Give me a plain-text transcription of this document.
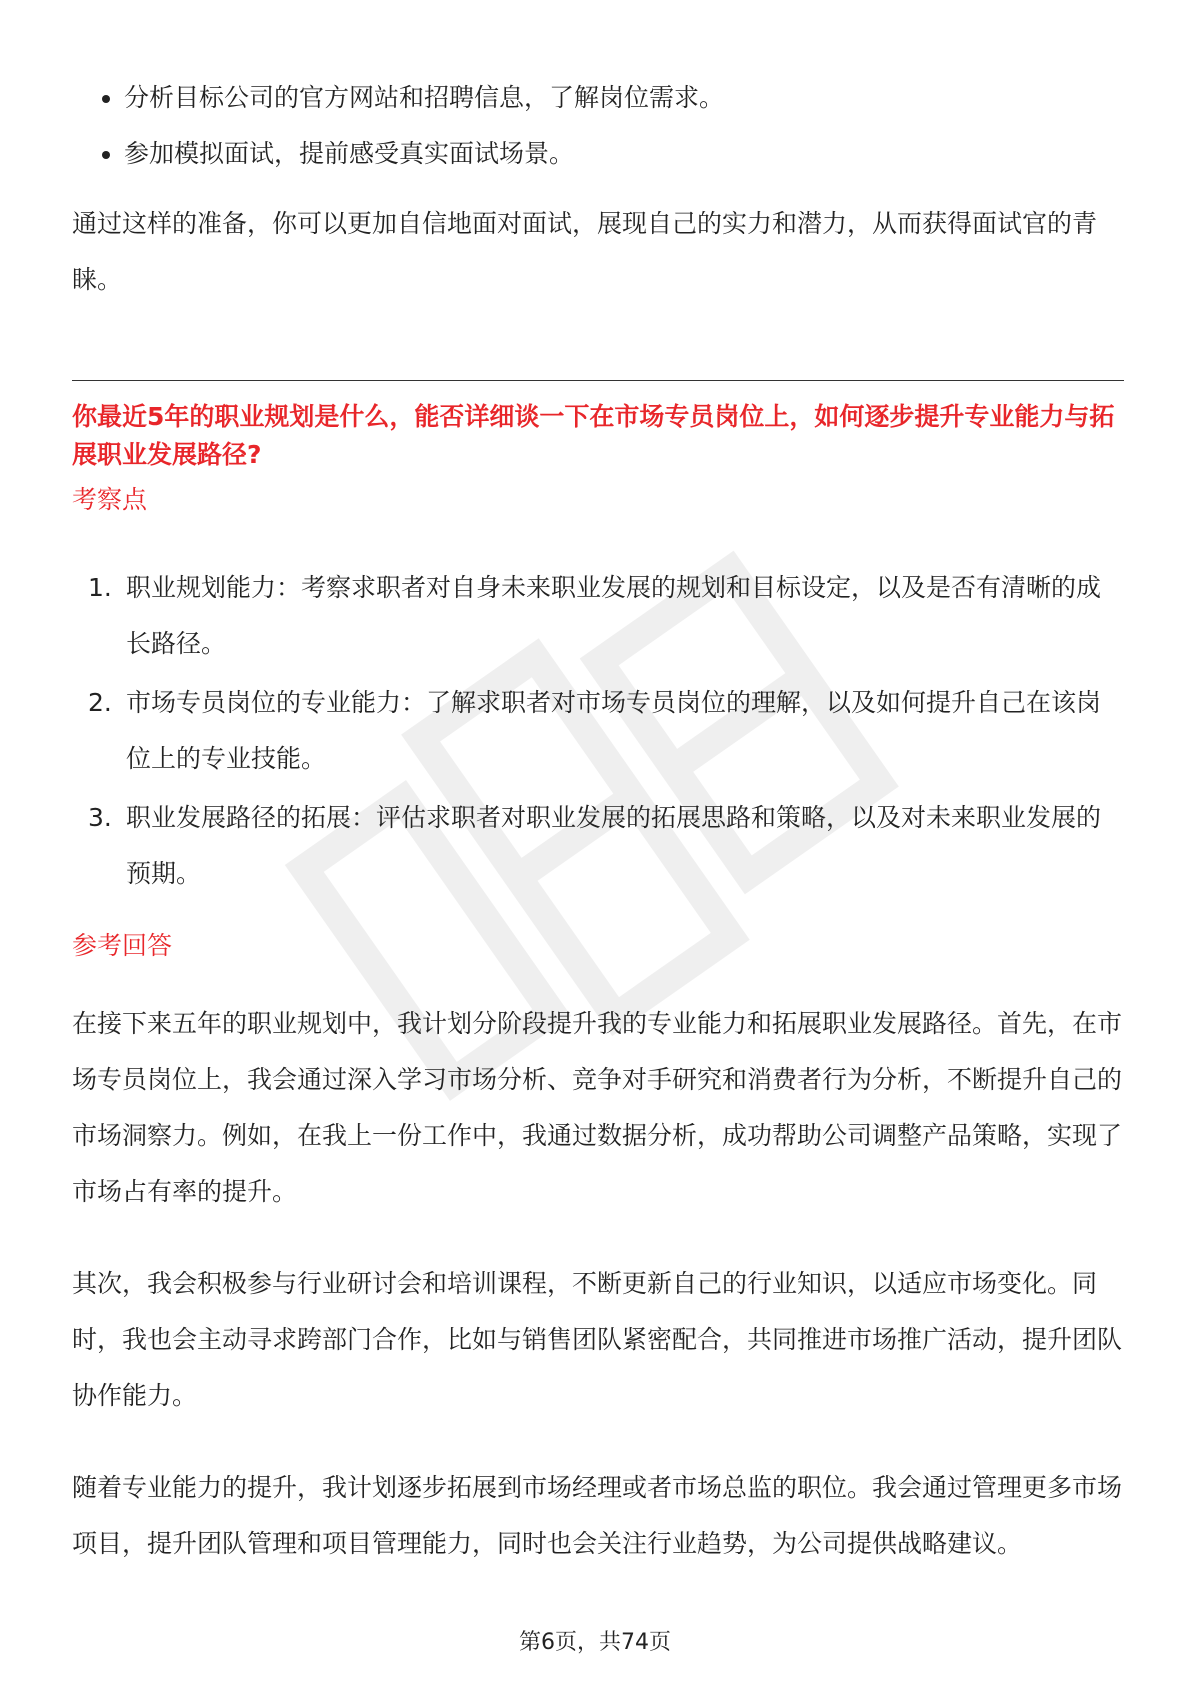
分析目标公司的官方网站和招聘信息，了解岗位需求。
参加模拟面试，提前感受真实面试场景。

通过这样的准备，你可以更加自信地面对面试，展现自己的实力和潜力，从而获得面试官的青睐。

你最近5年的职业规划是什么，能否详细谈一下在市场专员岗位上，如何逐步提升专业能力与拓展职业发展路径?

考察点

1. 职业规划能力：考察求职者对自身未来职业发展的规划和目标设定，以及是否有清晰的成长路径。
2. 市场专员岗位的专业能力：了解求职者对市场专员岗位的理解，以及如何提升自己在该岗位上的专业技能。
3. 职业发展路径的拓展：评估求职者对职业发展的拓展思路和策略，以及对未来职业发展的预期。

参考回答

在接下来五年的职业规划中，我计划分阶段提升我的专业能力和拓展职业发展路径。首先，在市场专员岗位上，我会通过深入学习市场分析、竞争对手研究和消费者行为分析，不断提升自己的市场洞察力。例如，在我上一份工作中，我通过数据分析，成功帮助公司调整产品策略，实现了市场占有率的提升。

其次，我会积极参与行业研讨会和培训课程，不断更新自己的行业知识，以适应市场变化。同时，我也会主动寻求跨部门合作，比如与销售团队紧密配合，共同推进市场推广活动，提升团队协作能力。

随着专业能力的提升，我计划逐步拓展到市场经理或者市场总监的职位。我会通过管理更多市场项目，提升团队管理和项目管理能力，同时也会关注行业趋势，为公司提供战略建议。

第6页，共74页
